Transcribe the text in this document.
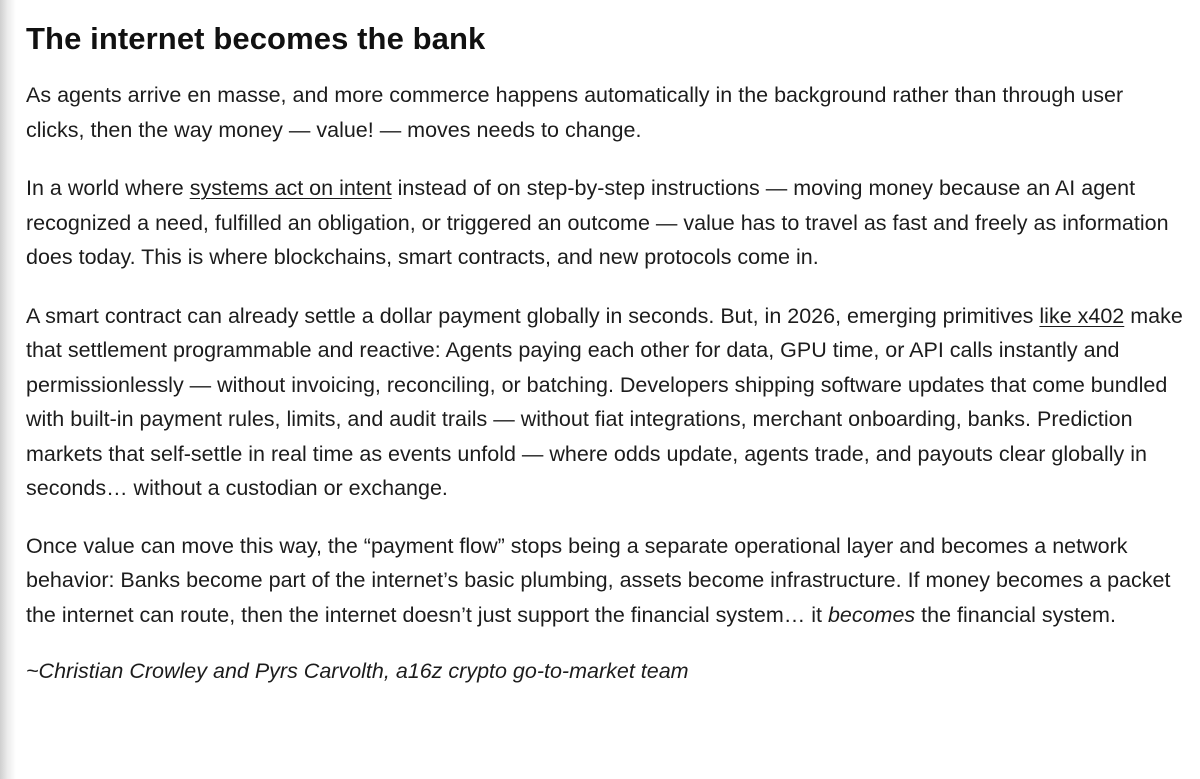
The internet becomes the bank

As agents arrive en masse, and more commerce happens automatically in the background rather than through user clicks, then the way money — value! — moves needs to change.

In a world where systems act on intent instead of on step-by-step instructions — moving money because an AI agent recognized a need, fulfilled an obligation, or triggered an outcome — value has to travel as fast and freely as information does today. This is where blockchains, smart contracts, and new protocols come in.

A smart contract can already settle a dollar payment globally in seconds. But, in 2026, emerging primitives like x402 make that settlement programmable and reactive: Agents paying each other for data, GPU time, or API calls instantly and permissionlessly — without invoicing, reconciling, or batching. Developers shipping software updates that come bundled with built-in payment rules, limits, and audit trails — without fiat integrations, merchant onboarding, banks. Prediction markets that self-settle in real time as events unfold — where odds update, agents trade, and payouts clear globally in seconds… without a custodian or exchange.

Once value can move this way, the “payment flow” stops being a separate operational layer and becomes a network behavior: Banks become part of the internet’s basic plumbing, assets become infrastructure. If money becomes a packet the internet can route, then the internet doesn’t just support the financial system… it becomes the financial system.

~Christian Crowley and Pyrs Carvolth, a16z crypto go-to-market team
